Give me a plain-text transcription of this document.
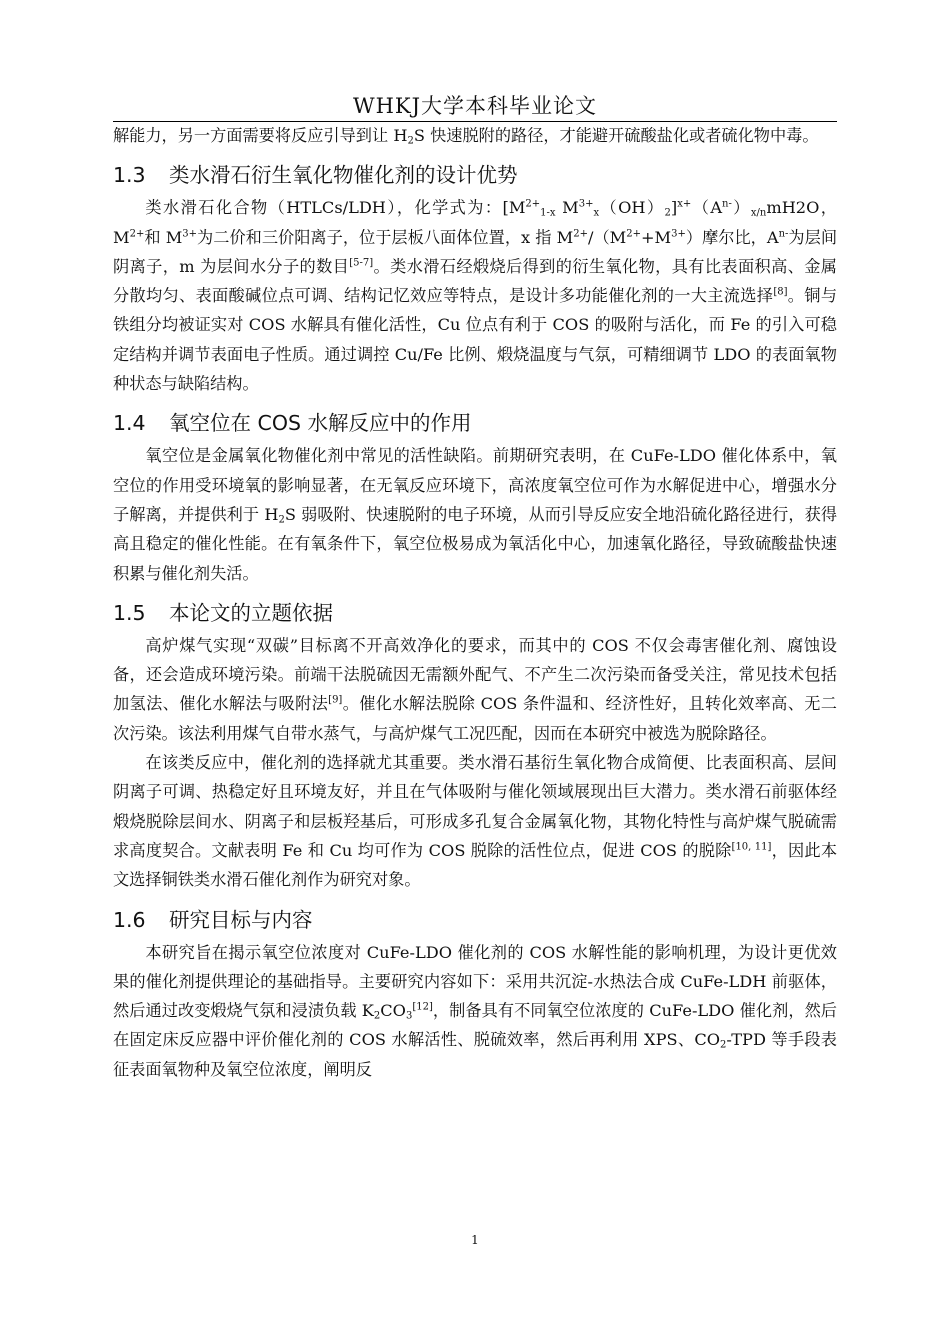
WHKJ大学本科毕业论文

解能力，另一方面需要将反应引导到让 $H_2S$ 快速脱附的路径，才能避开硫酸盐化或者硫化物中毒。

1.3 类水滑石衍生氧化物催化剂的设计优势

类水滑石化合物（HTLCs/LDH），化学式为：[$M^{2+}_{1-x}$ $M^{3+}_x(OH)_2]^{x+}(A^{n-})_{x/n}mH2O$，$M^{2+}$和 $M^{3+}$为二价和三价阳离子，位于层板八面体位置，x 指 $M^{2+}/(M^{2+}+M^{3+})$摩尔比，$A^{n-}$为层间阴离子，m 为层间水分子的数目[5-7]。类水滑石经煅烧后得到的衍生氧化物，具有比表面积高、金属分散均匀、表面酸碱位点可调、结构记忆效应等特点，是设计多功能催化剂的一大主流选择[8]。铜与铁组分均被证实对 COS 水解具有催化活性，Cu 位点有利于 COS 的吸附与活化，而 Fe 的引入可稳定结构并调节表面电子性质。通过调控 Cu/Fe 比例、煅烧温度与气氛，可精细调节 LDO 的表面氧物种状态与缺陷结构。

1.4 氧空位在 COS 水解反应中的作用

氧空位是金属氧化物催化剂中常见的活性缺陷。前期研究表明，在 CuFe-LDO 催化体系中，氧空位的作用受环境氧的影响显著，在无氧反应环境下，高浓度氧空位可作为水解促进中心，增强水分子解离，并提供利于 $H_2S$ 弱吸附、快速脱附的电子环境，从而引导反应安全地沿硫化路径进行，获得高且稳定的催化性能。在有氧条件下，氧空位极易成为氧活化中心，加速氧化路径，导致硫酸盐快速积累与催化剂失活。

1.5 本论文的立题依据

高炉煤气实现“双碳”目标离不开高效净化的要求，而其中的 COS 不仅会毒害催化剂、腐蚀设备，还会造成环境污染。前端干法脱硫因无需额外配气、不产生二次污染而备受关注，常见技术包括加氢法、催化水解法与吸附法[9]。催化水解法脱除 COS 条件温和、经济性好，且转化效率高、无二次污染。该法利用煤气自带水蒸气，与高炉煤气工况匹配，因而在本研究中被选为脱除路径。

在该类反应中，催化剂的选择就尤其重要。类水滑石基衍生氧化物合成简便、比表面积高、层间阴离子可调、热稳定好且环境友好，并且在气体吸附与催化领域展现出巨大潜力。类水滑石前驱体经煅烧脱除层间水、阴离子和层板羟基后，可形成多孔复合金属氧化物，其物化特性与高炉煤气脱硫需求高度契合。文献表明 Fe 和 Cu 均可作为 COS 脱除的活性位点，促进 COS 的脱除[10, 11]，因此本文选择铜铁类水滑石催化剂作为研究对象。

1.6 研究目标与内容

本研究旨在揭示氧空位浓度对 CuFe-LDO 催化剂的 COS 水解性能的影响机理，为设计更优效果的催化剂提供理论的基础指导。主要研究内容如下：采用共沉淀-水热法合成 CuFe-LDH 前驱体，然后通过改变煅烧气氛和浸渍负载 $K_2CO_3[12]$，制备具有不同氧空位浓度的 CuFe-LDO 催化剂，然后在固定床反应器中评价催化剂的 COS 水解活性、脱硫效率，然后再利用 XPS、$CO_2$-TPD 等手段表征表面氧物种及氧空位浓度，阐明反

1
